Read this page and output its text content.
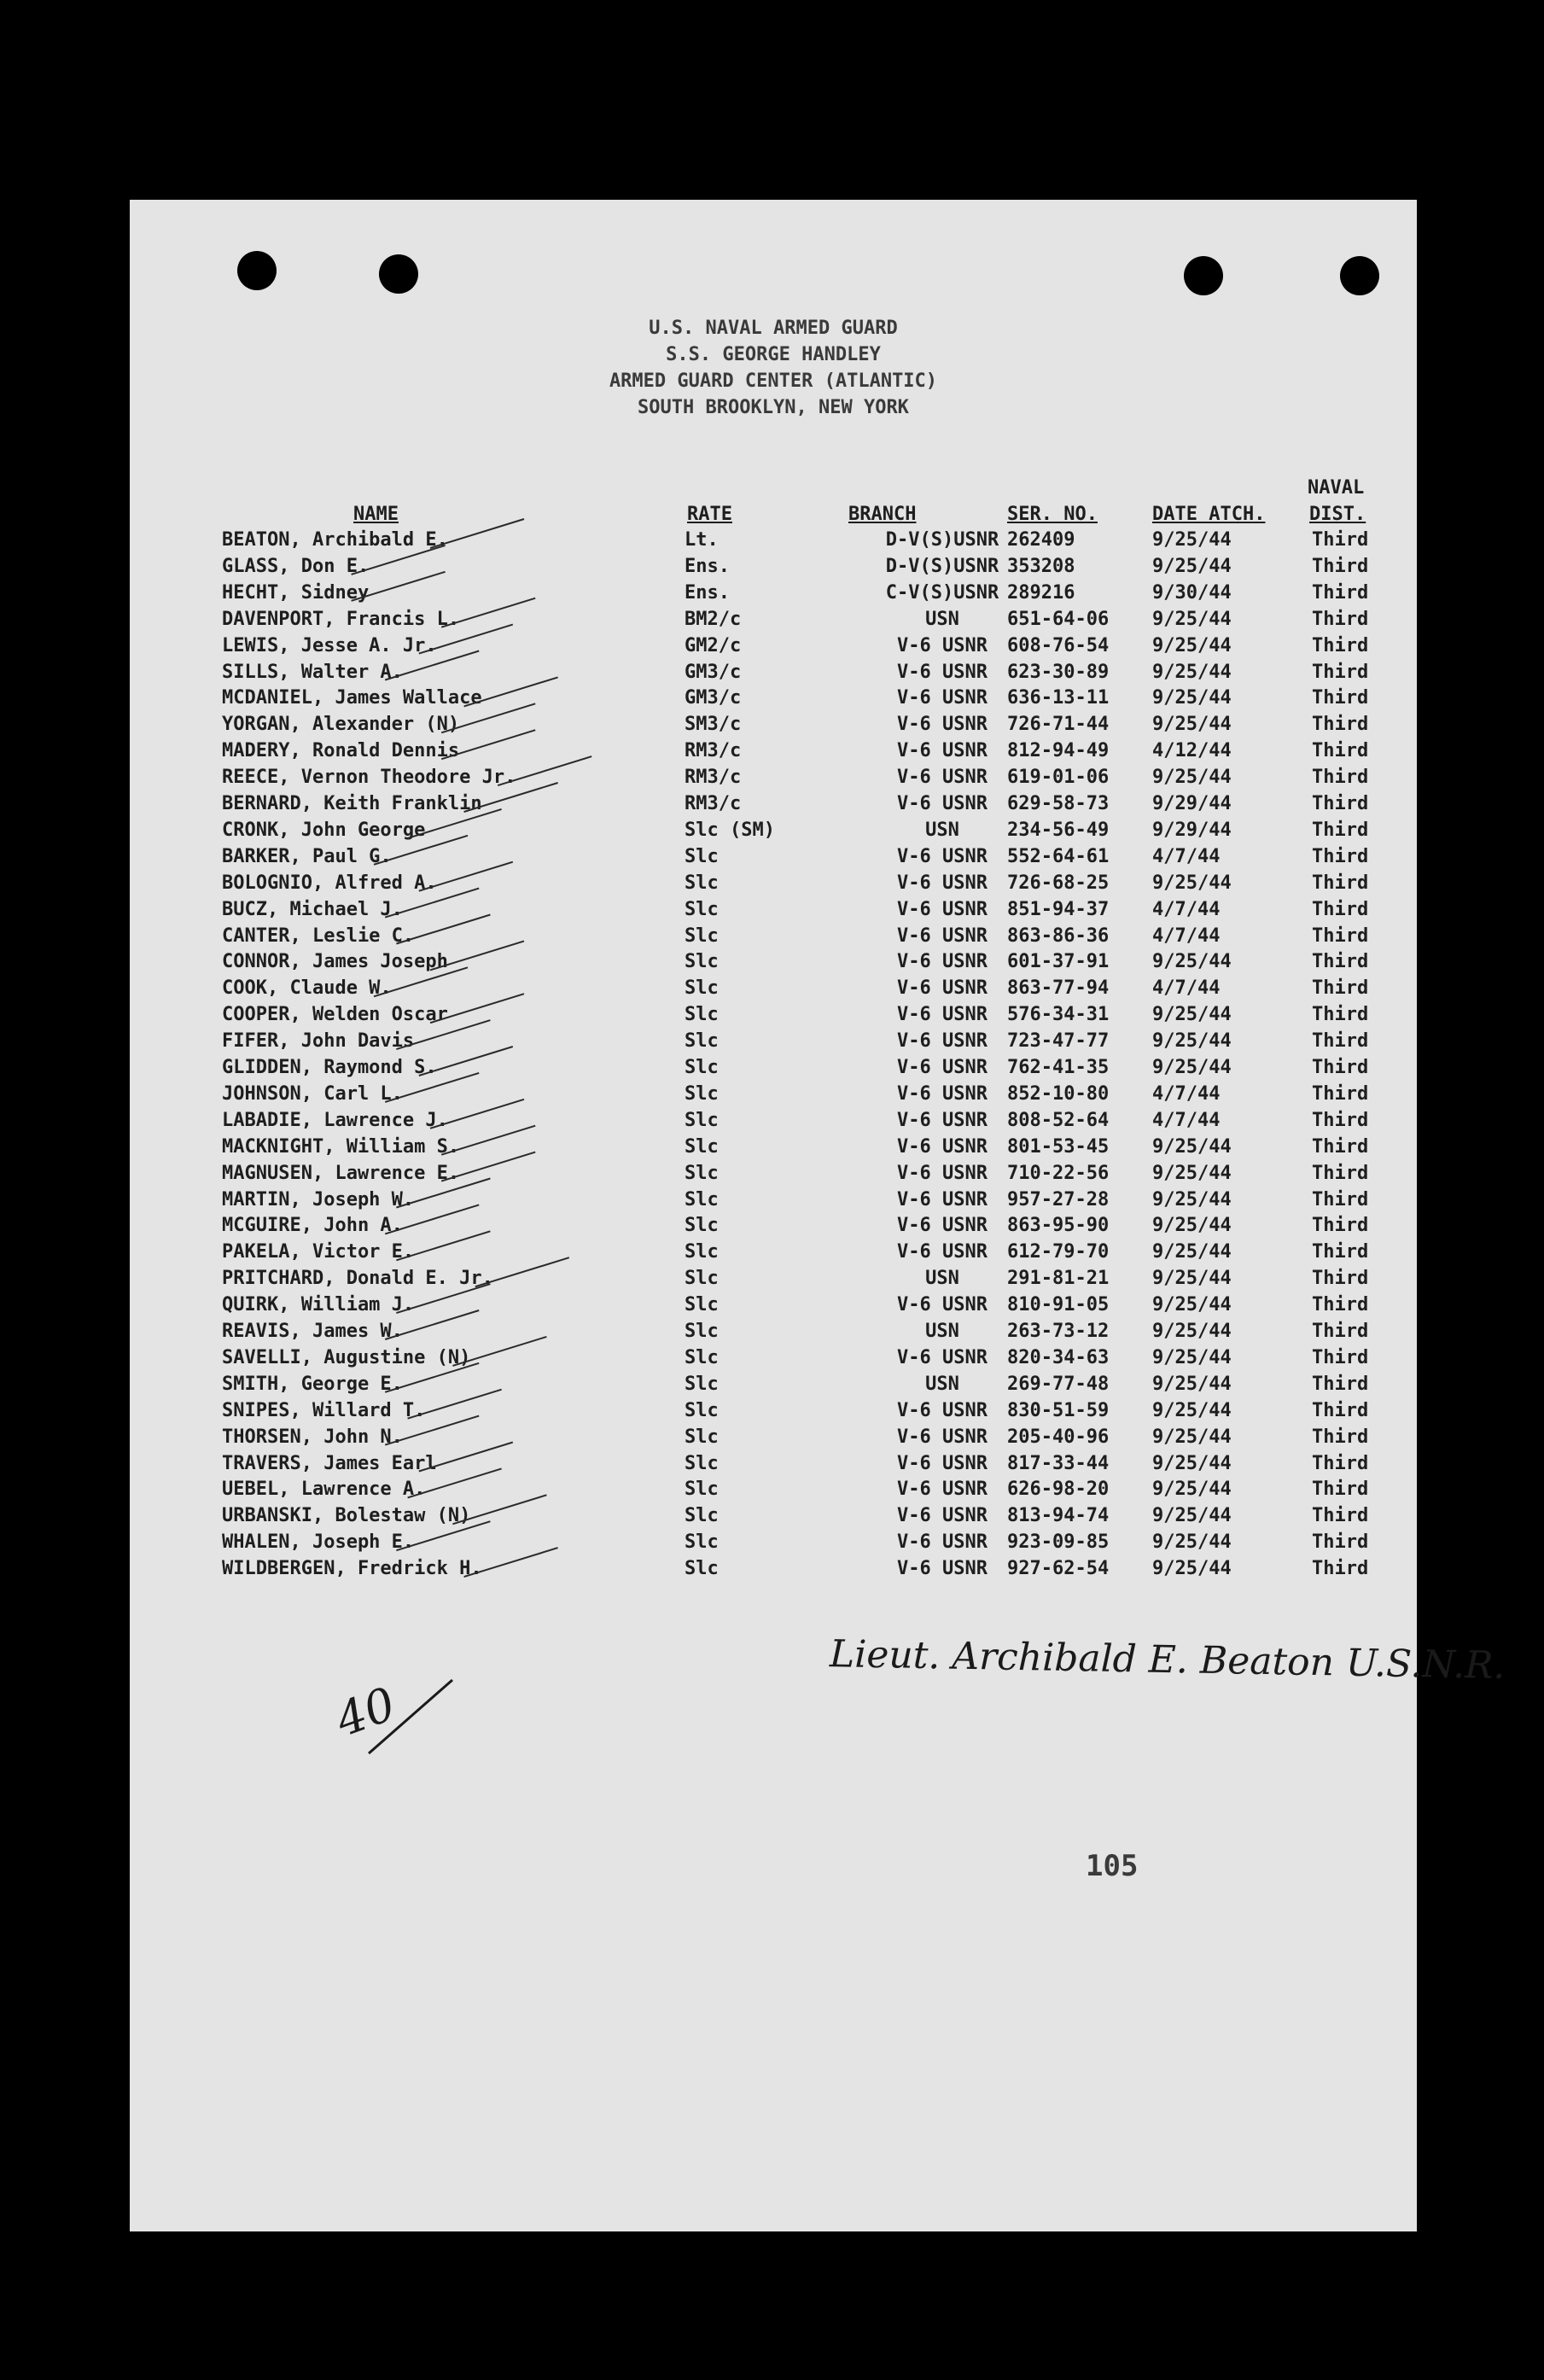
U.S. NAVAL ARMED GUARD
S.S. GEORGE HANDLEY
ARMED GUARD CENTER (ATLANTIC)
SOUTH BROOKLYN, NEW YORK
NAVAL
NAME	RATE	BRANCH	SER. NO.	DATE ATCH. DIST.
BEATON, Archibald E.	Lt.	D-V(S)USNR 262409	9/25/44	Third
GLASS, Don E.	Ens.	D-V(S)USNR 353208	9/25/44	Third
HECHT, Sidney	Ens.	C-V(S)USNR 289216	9/30/44	Third
DAVENPORT, Francis L.	BM2/c	USN	651-64-06 9/25/44	Third
LEWIS, Jesse A. Jr.	GM2/c	V-6 USNR	608-76-54 9/25/44	Third
SILLS, Walter A.	GM3/c	V-6 USNR	623-30-89 9/25/44	Third
MCDANIEL, James Wallace	GM3/c	V-6 USNR	636-13-11 9/25/44	Third
YORGAN, Alexander (N)	SM3/c	V-6 USNR	726-71-44 9/25/44	Third
MADERY, Ronald Dennis	RM3/c	V-6 USNR	812-94-49 4/12/44	Third
REECE, Vernon Theodore Jr.	RM3/c	V-6 USNR	619-01-06 9/25/44	Third
BERNARD, Keith Franklin	RM3/c	V-6 USNR	629-58-73 9/29/44	Third
CRONK, John George	Slc (SM)	USN	234-56-49 9/29/44	Third
BARKER, Paul G.	Slc	V-6 USNR	552-64-61 4/7/44	Third
BOLOGNIO, Alfred A.	Slc	V-6 USNR	726-68-25 9/25/44	Third
BUCZ, Michael J.	Slc	V-6 USNR	851-94-37 4/7/44	Third
CANTER, Leslie C.	Slc	V-6 USNR	863-86-36 4/7/44	Third
CONNOR, James Joseph	Slc	V-6 USNR	601-37-91 9/25/44	Third
COOK, Claude W.	Slc	V-6 USNR	863-77-94 4/7/44	Third
COOPER, Welden Oscar	Slc	V-6 USNR	576-34-31 9/25/44	Third
FIFER, John Davis	Slc	V-6 USNR	723-47-77 9/25/44	Third
GLIDDEN, Raymond S.	Slc	V-6 USNR	762-41-35 9/25/44	Third
JOHNSON, Carl L.	Slc	V-6 USNR	852-10-80 4/7/44	Third
LABADIE, Lawrence J.	Slc	V-6 USNR	808-52-64 4/7/44	Third
MACKNIGHT, William S.	Slc	V-6 USNR	801-53-45 9/25/44	Third
MAGNUSEN, Lawrence E.	Slc	V-6 USNR	710-22-56 9/25/44	Third
MARTIN, Joseph W.	Slc	V-6 USNR	957-27-28 9/25/44	Third
MCGUIRE, John A.	Slc	V-6 USNR	863-95-90 9/25/44	Third
PAKELA, Victor E.	Slc	V-6 USNR	612-79-70 9/25/44	Third
PRITCHARD, Donald E. Jr.	Slc	USN	291-81-21 9/25/44	Third
QUIRK, William J.	Slc	V-6 USNR	810-91-05 9/25/44	Third
REAVIS, James W.	Slc	USN	263-73-12 9/25/44	Third
SAVELLI, Augustine (N)	Slc	V-6 USNR	820-34-63 9/25/44	Third
SMITH, George E.	Slc	USN	269-77-48 9/25/44	Third
SNIPES, Willard T.	Slc	V-6 USNR	830-51-59 9/25/44	Third
THORSEN, John N.	Slc	V-6 USNR	205-40-96 9/25/44	Third
TRAVERS, James Earl	Slc	V-6 USNR	817-33-44 9/25/44	Third
UEBEL, Lawrence A.	Slc	V-6 USNR	626-98-20 9/25/44	Third
URBANSKI, Bolestaw (N)	Slc	V-6 USNR	813-94-74 9/25/44	Third
WHALEN, Joseph E.	Slc	V-6 USNR	923-09-85 9/25/44	Third
WILDBERGEN, Fredrick H.	Slc	V-6 USNR	927-62-54 9/25/44	Third
Lieut. Archibald E. Beaton U.S.N.R.
40
105
